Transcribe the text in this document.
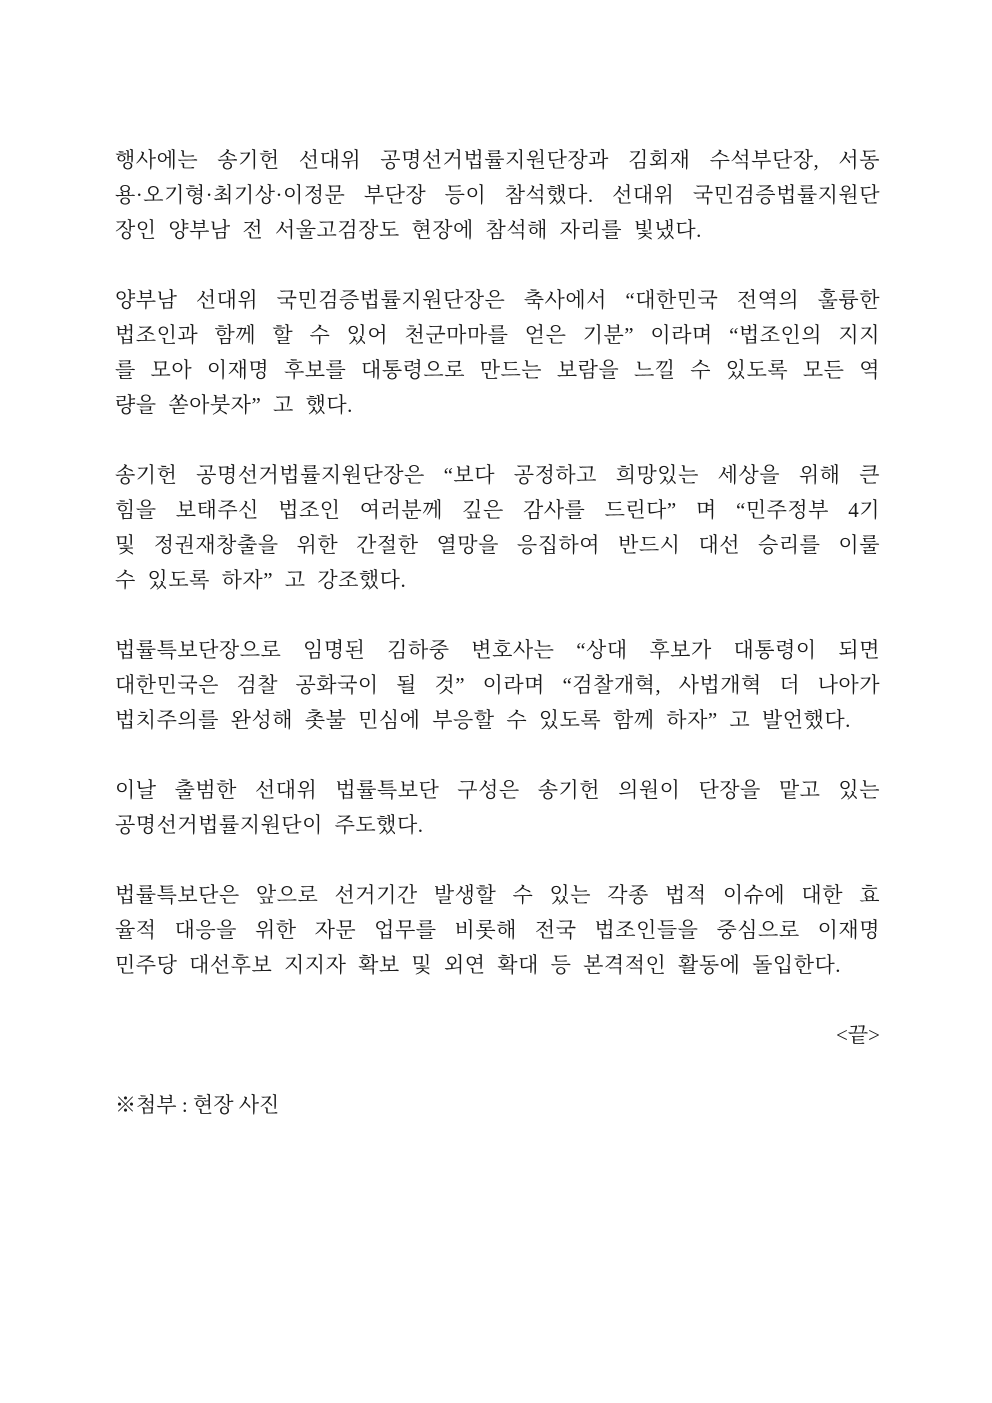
행사에는 송기헌 선대위 공명선거법률지원단장과 김회재 수석부단장, 서동
용·오기형·최기상·이정문 부단장 등이 참석했다. 선대위 국민검증법률지원단
장인 양부남 전 서울고검장도 현장에 참석해 자리를 빛냈다.
양부남 선대위 국민검증법률지원단장은 축사에서 “대한민국 전역의 훌륭한
법조인과 함께 할 수 있어 천군마마를 얻은 기분” 이라며 “법조인의 지지
를 모아 이재명 후보를 대통령으로 만드는 보람을 느낄 수 있도록 모든 역
량을 쏟아붓자” 고 했다.
송기헌 공명선거법률지원단장은 “보다 공정하고 희망있는 세상을 위해 큰
힘을 보태주신 법조인 여러분께 깊은 감사를 드린다” 며 “민주정부 4기
및 정권재창출을 위한 간절한 열망을 응집하여 반드시 대선 승리를 이룰
수 있도록 하자” 고 강조했다.
법률특보단장으로 임명된 김하중 변호사는 “상대 후보가 대통령이 되면
대한민국은 검찰 공화국이 될 것” 이라며 “검찰개혁, 사법개혁 더 나아가
법치주의를 완성해 촛불 민심에 부응할 수 있도록 함께 하자” 고 발언했다.
이날 출범한 선대위 법률특보단 구성은 송기헌 의원이 단장을 맡고 있는
공명선거법률지원단이 주도했다.
법률특보단은 앞으로 선거기간 발생할 수 있는 각종 법적 이슈에 대한 효
율적 대응을 위한 자문 업무를 비롯해 전국 법조인들을 중심으로 이재명
민주당 대선후보 지지자 확보 및 외연 확대 등 본격적인 활동에 돌입한다.
<끝>
※첨부 : 현장 사진
